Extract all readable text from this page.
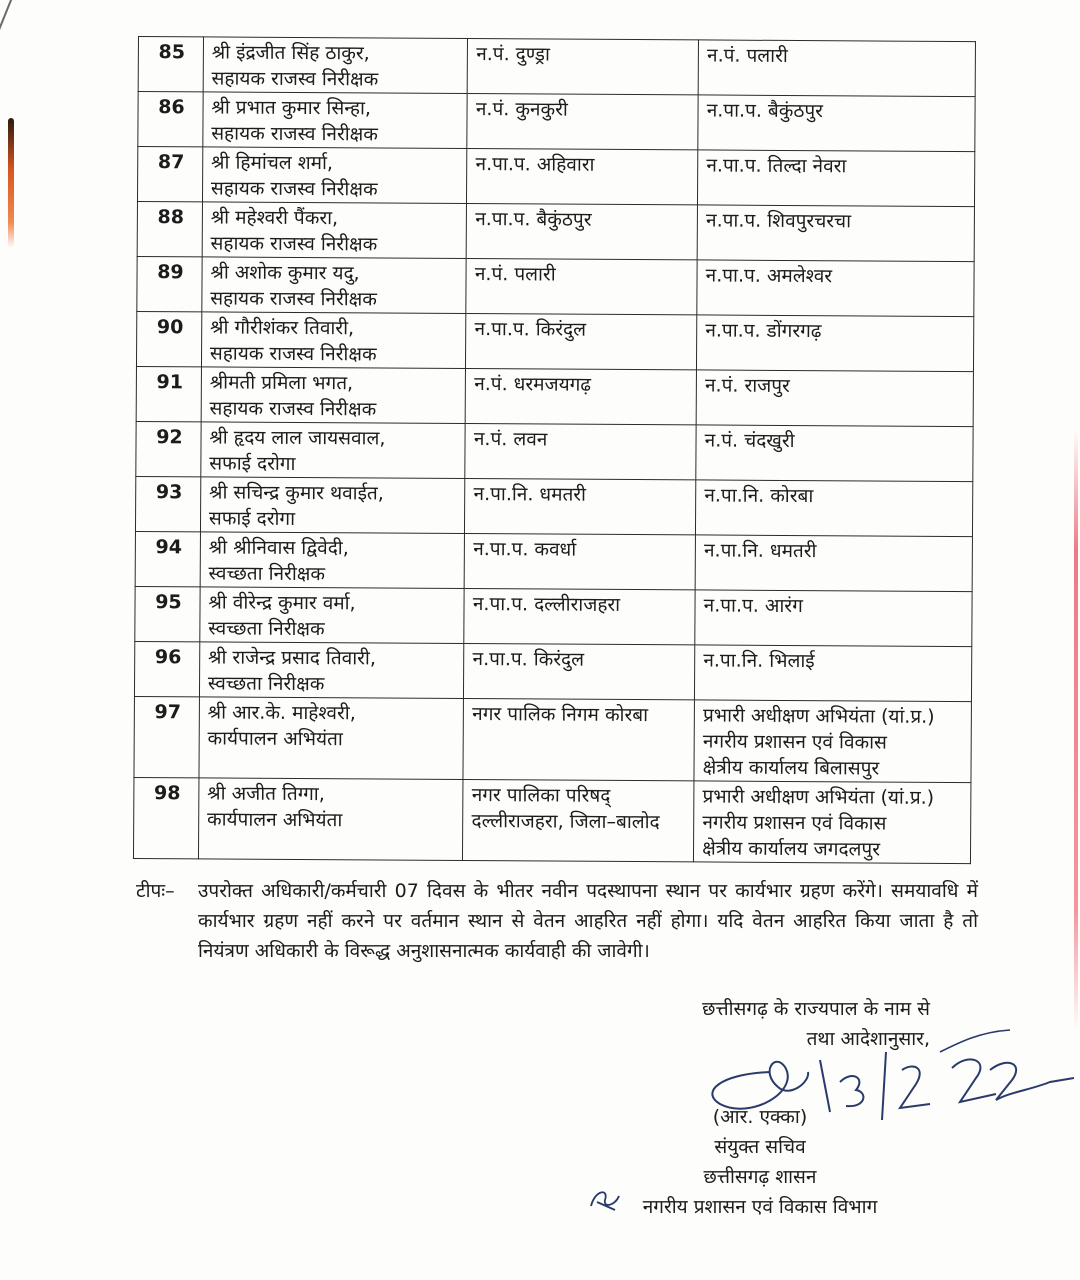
85	श्री इंद्रजीत सिंह ठाकुर,
सहायक राजस्व निरीक्षक	न.पं. दुण्ड्रा	न.पं. पलारी

86	श्री प्रभात कुमार सिन्हा,
सहायक राजस्व निरीक्षक	न.पं. कुनकुरी	न.पा.प. बैकुंठपुर

87	श्री हिमांचल शर्मा,
सहायक राजस्व निरीक्षक	न.पा.प. अहिवारा	न.पा.प. तिल्दा नेवरा

88	श्री महेश्वरी पैंकरा,
सहायक राजस्व निरीक्षक	न.पा.प. बैकुंठपुर	न.पा.प. शिवपुरचरचा

89	श्री अशोक कुमार यदु,
सहायक राजस्व निरीक्षक	न.पं. पलारी	न.पा.प. अमलेश्वर

90	श्री गौरीशंकर तिवारी,
सहायक राजस्व निरीक्षक	न.पा.प. किरंदुल	न.पा.प. डोंगरगढ़

91	श्रीमती प्रमिला भगत,
सहायक राजस्व निरीक्षक	न.पं. धरमजयगढ़	न.पं. राजपुर

92	श्री हृदय लाल जायसवाल,
सफाई दरोगा	न.पं. लवन	न.पं. चंदखुरी

93	श्री सचिन्द्र कुमार थवाईत,
सफाई दरोगा	न.पा.नि. धमतरी	न.पा.नि. कोरबा

94	श्री श्रीनिवास द्विवेदी,
स्वच्छता निरीक्षक	न.पा.प. कवर्धा	न.पा.नि. धमतरी

95	श्री वीरेन्द्र कुमार वर्मा,
स्वच्छता निरीक्षक	न.पा.प. दल्लीराजहरा	न.पा.प. आरंग

96	श्री राजेन्द्र प्रसाद तिवारी,
स्वच्छता निरीक्षक	न.पा.प. किरंदुल	न.पा.नि. भिलाई

97	श्री आर.के. माहेश्वरी,
कार्यपालन अभियंता	नगर पालिक निगम कोरबा	प्रभारी अधीक्षण अभियंता (यां.प्र.)
नगरीय प्रशासन एवं विकास
क्षेत्रीय कार्यालय बिलासपुर

98	श्री अजीत तिग्गा,
कार्यपालन अभियंता	नगर पालिका परिषद्
दल्लीराजहरा, जिला–बालोद	प्रभारी अधीक्षण अभियंता (यां.प्र.)
नगरीय प्रशासन एवं विकास
क्षेत्रीय कार्यालय जगदलपुर
टीपः– उपरोक्त अधिकारी/कर्मचारी 07 दिवस के भीतर नवीन पदस्थापना स्थान पर कार्यभार ग्रहण करेंगे। समयावधि में कार्यभार ग्रहण नहीं करने पर वर्तमान स्थान से वेतन आहरित नहीं होगा। यदि वेतन आहरित किया जाता है तो नियंत्रण अधिकारी के विरूद्ध अनुशासनात्मक कार्यवाही की जावेगी।
छत्तीसगढ़ के राज्यपाल के नाम से
तथा आदेशानुसार,
(आर. एक्का)
संयुक्त सचिव
छत्तीसगढ़ शासन
नगरीय प्रशासन एवं विकास विभाग
